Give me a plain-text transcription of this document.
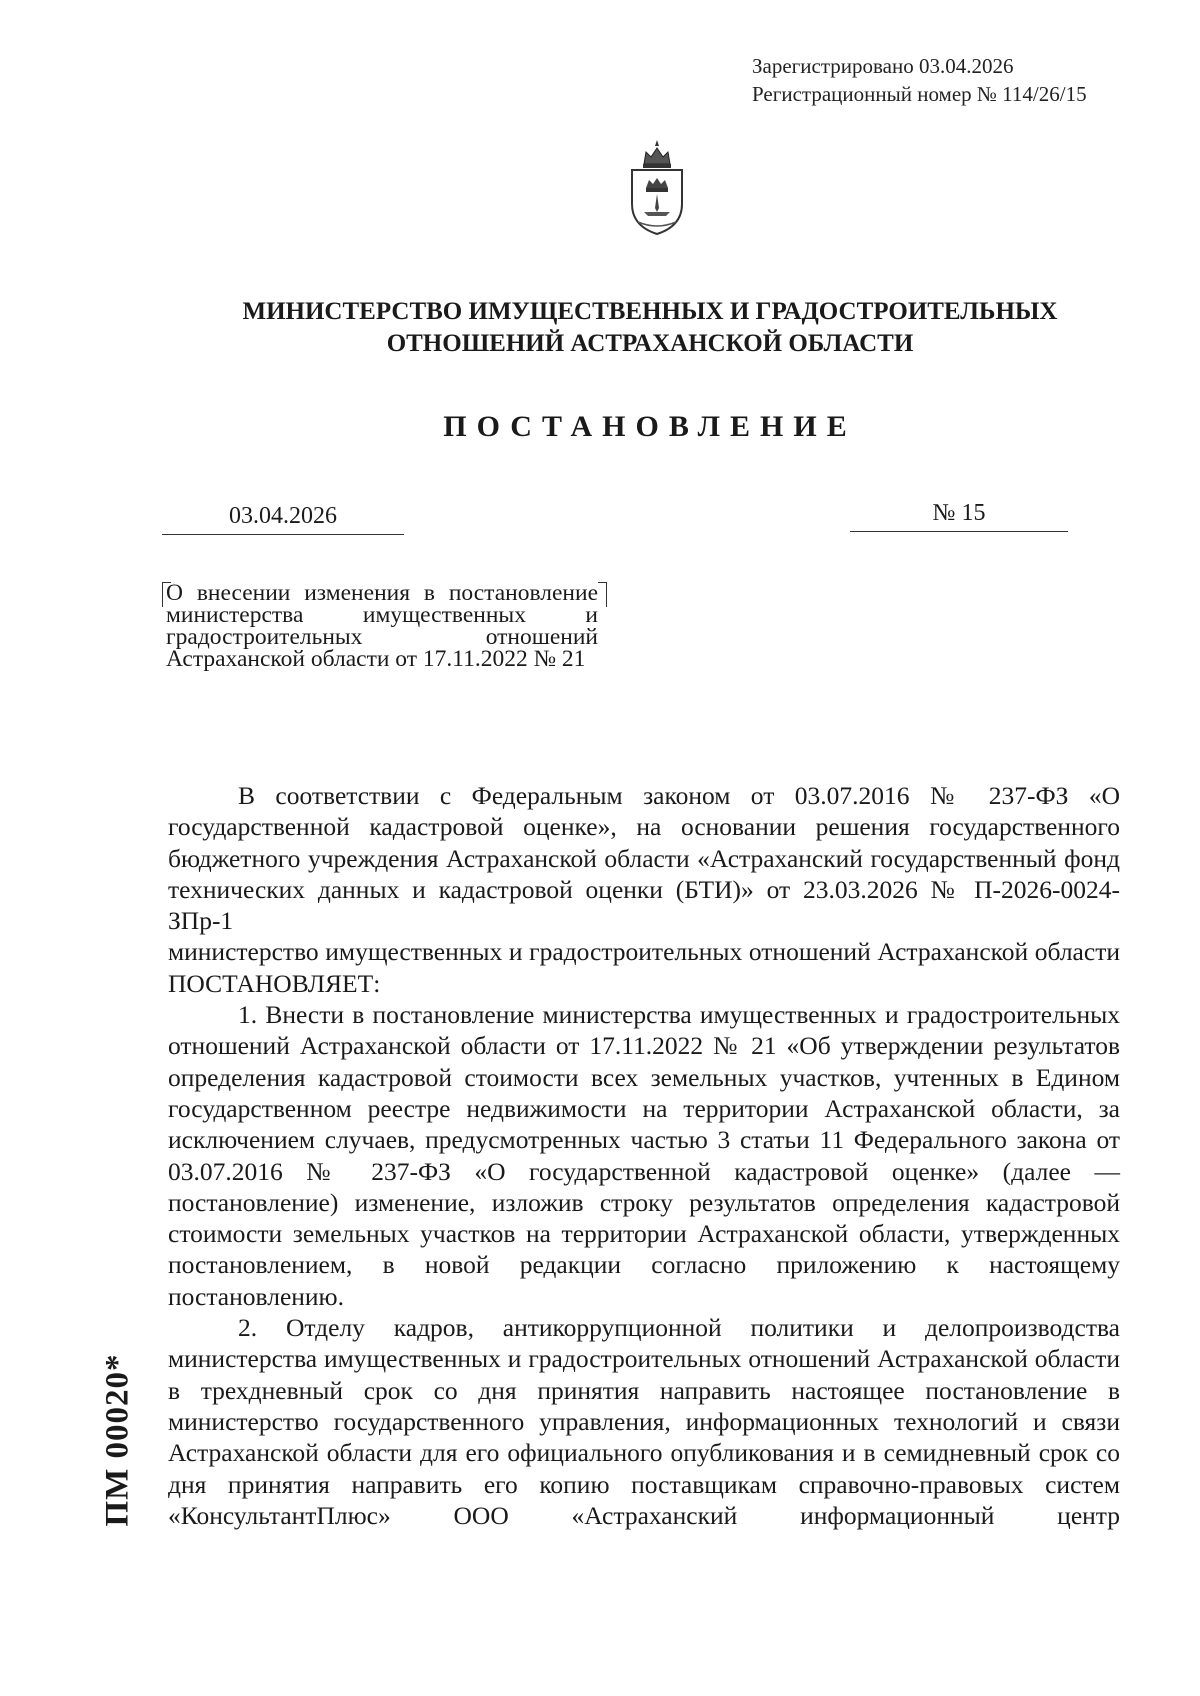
Зарегистрировано 03.04.2026
Регистрационный номер № 114/26/15
МИНИСТЕРСТВО ИМУЩЕСТВЕННЫХ И ГРАДОСТРОИТЕЛЬНЫХ
ОТНОШЕНИЙ АСТРАХАНСКОЙ ОБЛАСТИ
ПОСТАНОВЛЕНИЕ
03.04.2026	№ 15
О внесении изменения в постановление министерства имущественных и градостроительных отношений Астраханской области от 17.11.2022 № 21

В соответствии с Федеральным законом от 03.07.2016 № 237-ФЗ «О государственной кадастровой оценке», на основании решения государственного бюджетного учреждения Астраханской области «Астраханский государственный фонд технических данных и кадастровой оценки (БТИ)» от 23.03.2026 № П-2026-0024-ЗПр-1

министерство имущественных и градостроительных отношений Астраханской области ПОСТАНОВЛЯЕТ:

1. Внести в постановление министерства имущественных и градостроительных отношений Астраханской области от 17.11.2022 № 21 «Об утверждении результатов определения кадастровой стоимости всех земельных участков, учтенных в Едином государственном реестре недвижимости на территории Астраханской области, за исключением случаев, предусмотренных частью 3 статьи 11 Федерального закона от 03.07.2016 № 237-ФЗ «О государственной кадастровой оценке» (далее — постановление) изменение, изложив строку результатов определения кадастровой стоимости земельных участков на территории Астраханской области, утвержденных постановлением, в новой редакции согласно приложению к настоящему постановлению.

2. Отделу кадров, антикоррупционной политики и делопроизводства министерства имущественных и градостроительных отношений Астраханской области в трехдневный срок со дня принятия направить настоящее постановление в министерство государственного управления, информационных технологий и связи Астраханской области для его официального опубликования и в семидневный срок со дня принятия направить его копию поставщикам справочно-правовых систем «КонсультантПлюс» ООО «Астраханский информационный центр

ПМ 00020*
